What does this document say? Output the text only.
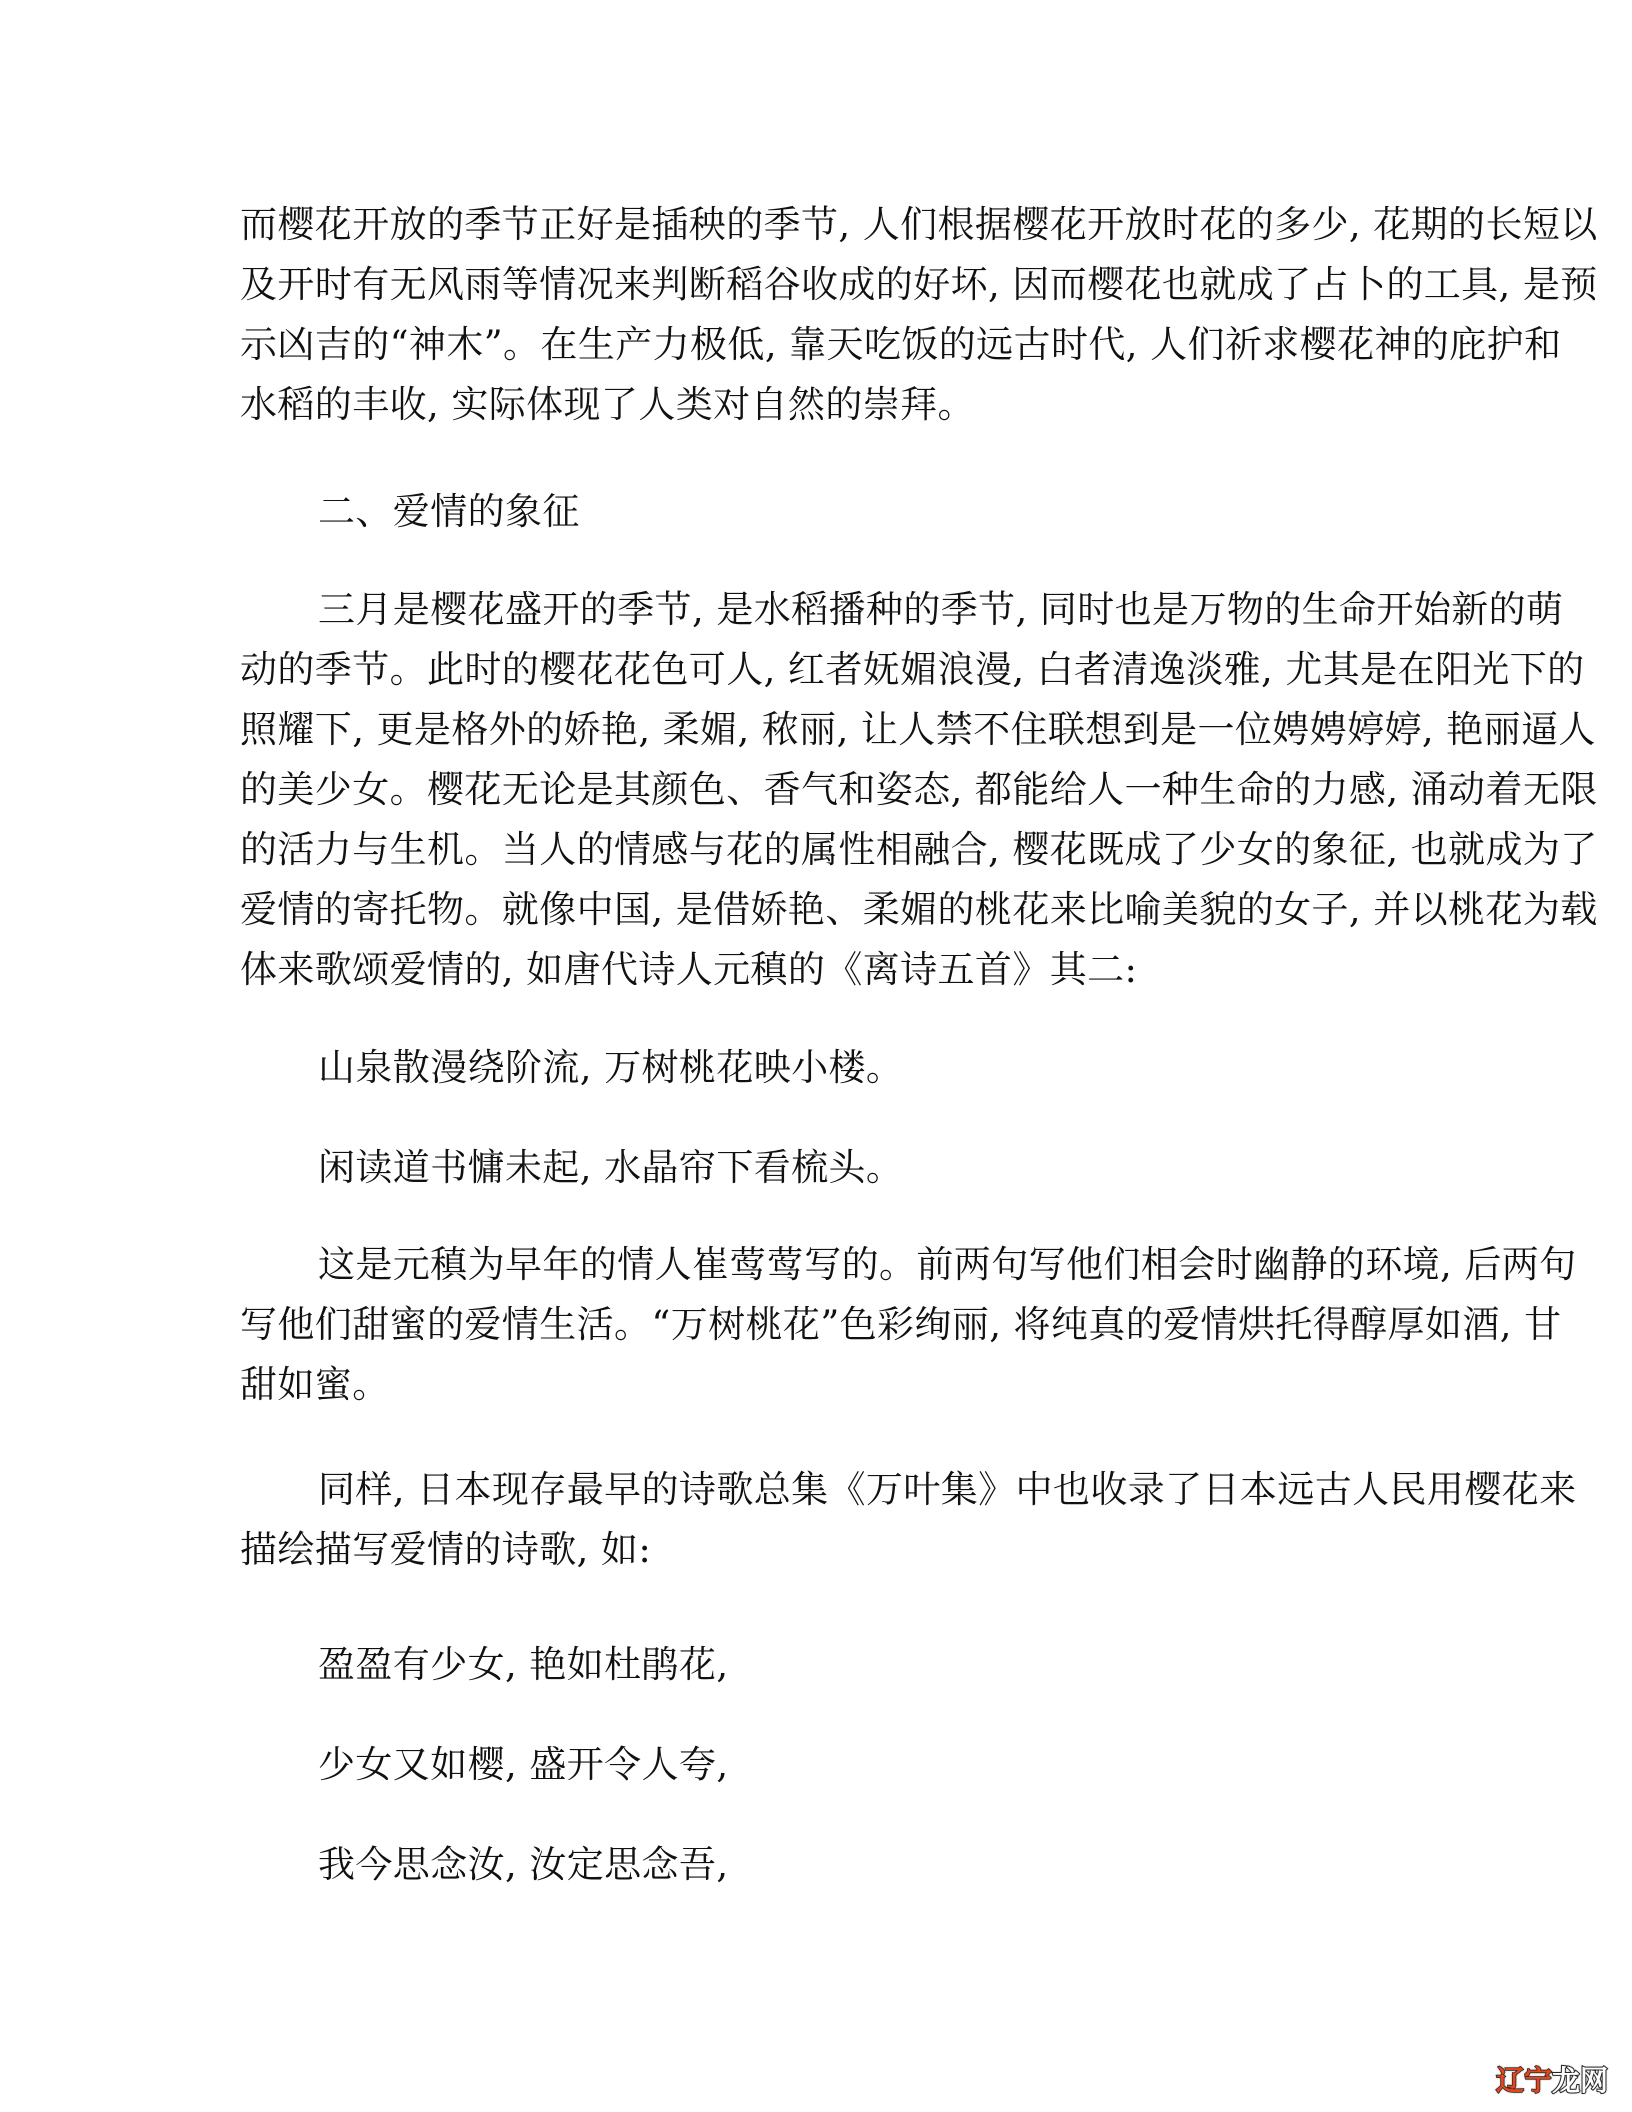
而樱花开放的季节正好是插秧的季节, 人们根据樱花开放时花的多少, 花期的长短以
及开时有无风雨等情况来判断稻谷收成的好坏, 因而樱花也就成了占卜的工具, 是预
示凶吉的“神木”。在生产力极低, 靠天吃饭的远古时代, 人们祈求樱花神的庇护和
水稻的丰收, 实际体现了人类对自然的崇拜。
二、爱情的象征
三月是樱花盛开的季节, 是水稻播种的季节, 同时也是万物的生命开始新的萌
动的季节。此时的樱花花色可人, 红者妩媚浪漫, 白者清逸淡雅, 尤其是在阳光下的
照耀下, 更是格外的娇艳, 柔媚, 秾丽, 让人禁不住联想到是一位娉娉婷婷, 艳丽逼人
的美少女。樱花无论是其颜色、香气和姿态, 都能给人一种生命的力感, 涌动着无限
的活力与生机。当人的情感与花的属性相融合, 樱花既成了少女的象征, 也就成为了
爱情的寄托物。就像中国, 是借娇艳、柔媚的桃花来比喻美貌的女子, 并以桃花为载
体来歌颂爱情的, 如唐代诗人元稹的《离诗五首》其二:
山泉散漫绕阶流, 万树桃花映小楼。
闲读道书慵未起, 水晶帘下看梳头。
这是元稹为早年的情人崔莺莺写的。前两句写他们相会时幽静的环境, 后两句
写他们甜蜜的爱情生活。“万树桃花”色彩绚丽, 将纯真的爱情烘托得醇厚如酒, 甘
甜如蜜。
同样, 日本现存最早的诗歌总集《万叶集》中也收录了日本远古人民用樱花来
描绘描写爱情的诗歌, 如:
盈盈有少女, 艳如杜鹃花,
少女又如樱, 盛开令人夸,
我今思念汝, 汝定思念吾,
辽宁龙网
